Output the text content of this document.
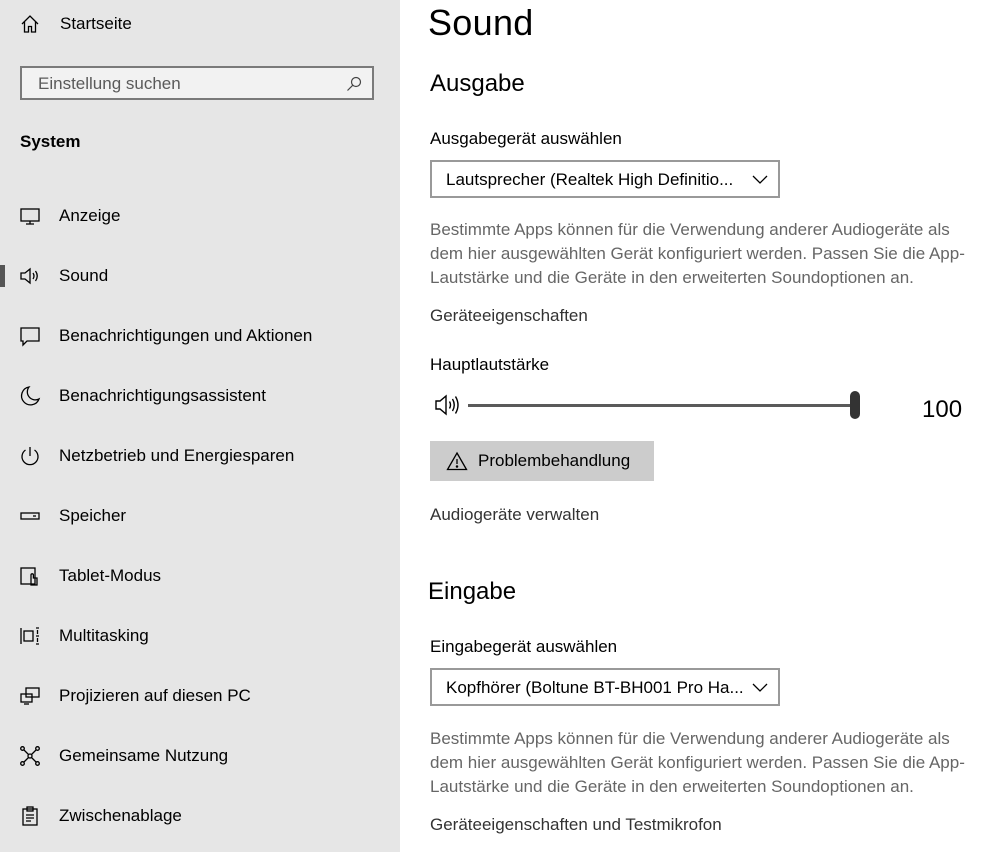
Startseite
Einstellung suchen
System
Anzeige
Sound
Benachrichtigungen und Aktionen
Benachrichtigungsassistent
Netzbetrieb und Energiesparen
Speicher
Tablet-Modus
Multitasking
Projizieren auf diesen PC
Gemeinsame Nutzung
Zwischenablage
Sound
Ausgabe
Ausgabegerät auswählen
Lautsprecher (Realtek High Definitio...
Bestimmte Apps können für die Verwendung anderer Audiogeräte als dem hier ausgewählten Gerät konfiguriert werden. Passen Sie die App-Lautstärke und die Geräte in den erweiterten Soundoptionen an.
Geräteeigenschaften
Hauptlautstärke
100
Problembehandlung
Audiogeräte verwalten
Eingabe
Eingabegerät auswählen
Kopfhörer (Boltune BT-BH001 Pro Ha...
Bestimmte Apps können für die Verwendung anderer Audiogeräte als dem hier ausgewählten Gerät konfiguriert werden. Passen Sie die App-Lautstärke und die Geräte in den erweiterten Soundoptionen an.
Geräteeigenschaften und Testmikrofon
